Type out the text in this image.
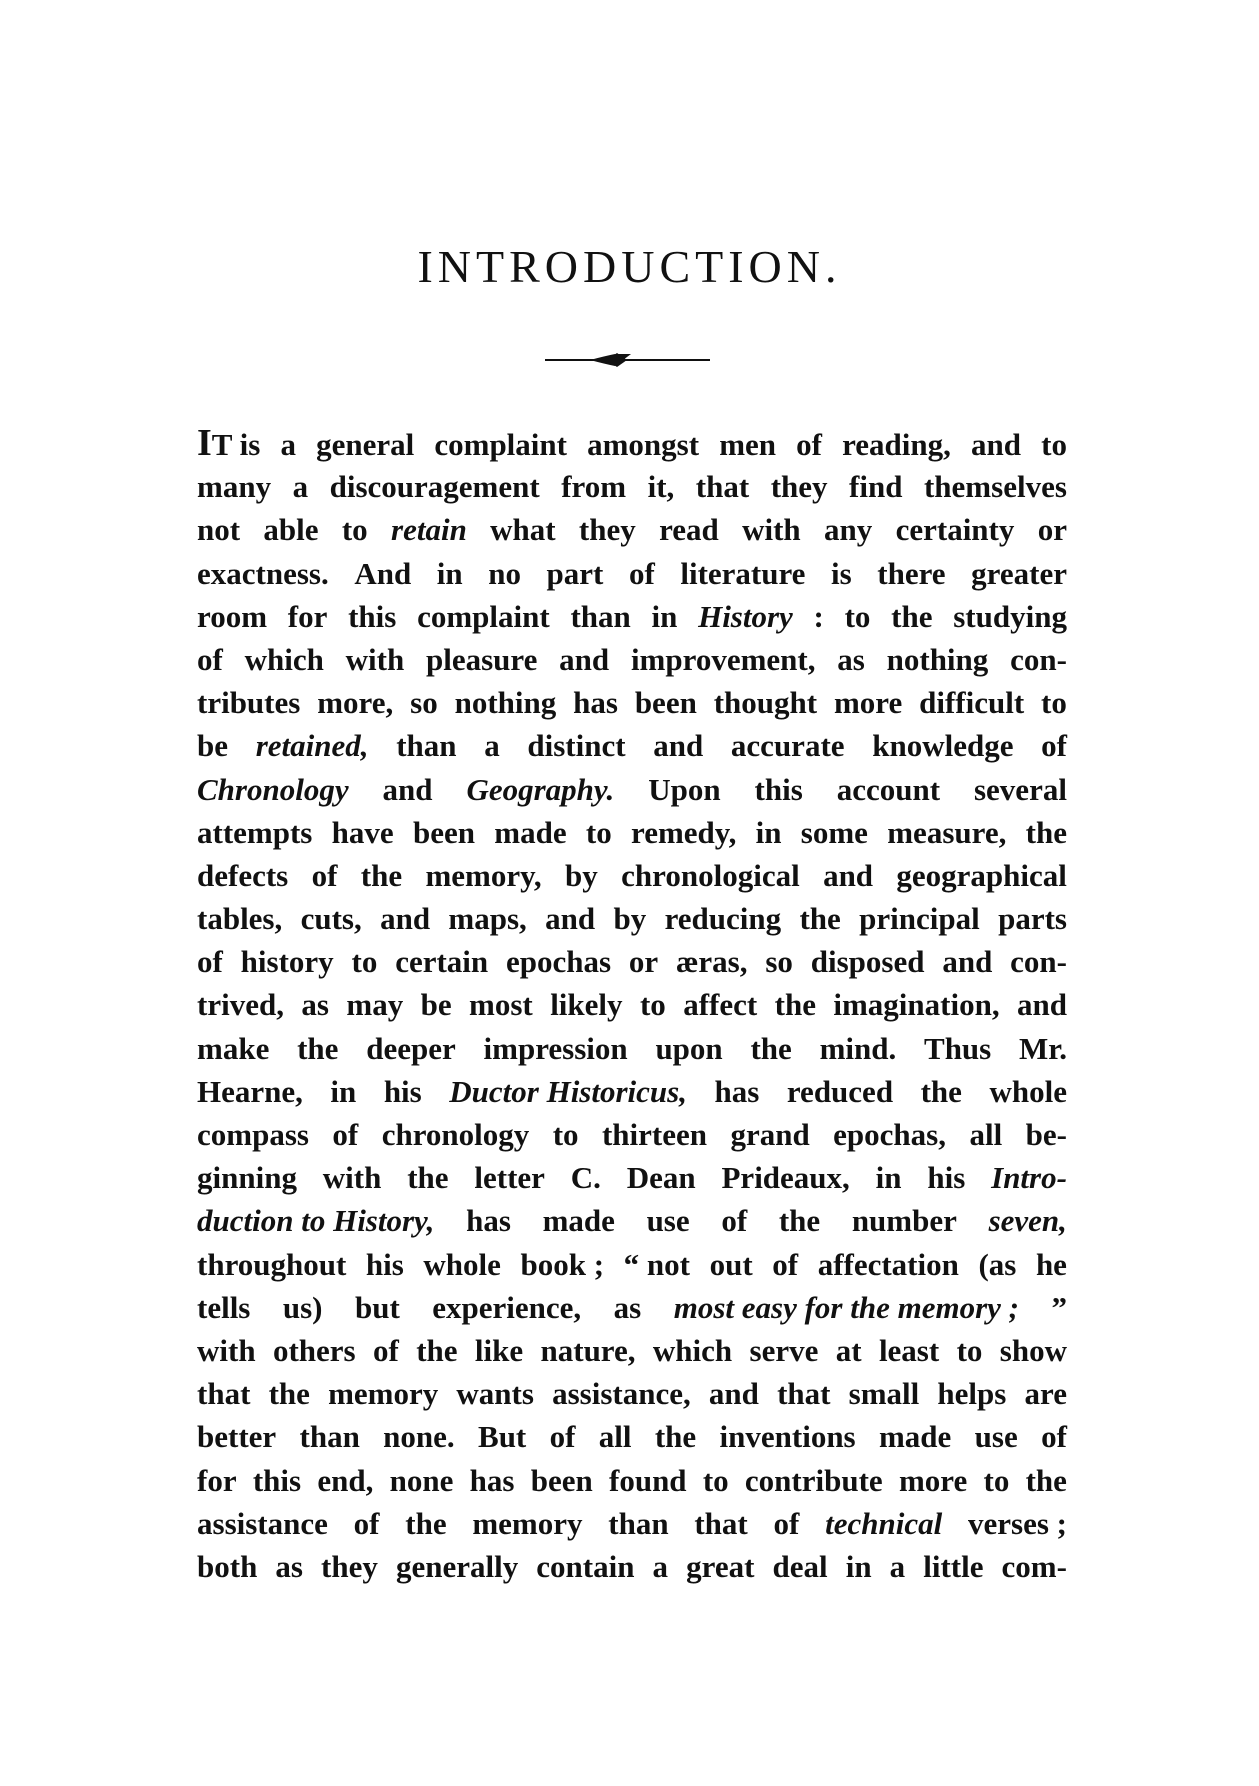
INTRODUCTION.
IT is a general complaint amongst men of reading, and to
many a discouragement from it, that they find themselves
not able to retain what they read with any certainty or
exactness. And in no part of literature is there greater
room for this complaint than in History : to the studying
of which with pleasure and improvement, as nothing con-
tributes more, so nothing has been thought more difficult to
be retained, than a distinct and accurate knowledge of
Chronology and Geography. Upon this account several
attempts have been made to remedy, in some measure, the
defects of the memory, by chronological and geographical
tables, cuts, and maps, and by reducing the principal parts
of history to certain epochas or æras, so disposed and con-
trived, as may be most likely to affect the imagination, and
make the deeper impression upon the mind. Thus Mr.
Hearne, in his Ductor Historicus, has reduced the whole
compass of chronology to thirteen grand epochas, all be-
ginning with the letter C. Dean Prideaux, in his Intro-
duction to History, has made use of the number seven,
throughout his whole book ; “ not out of affectation (as he
tells us) but experience, as most easy for the memory ; ”
with others of the like nature, which serve at least to show
that the memory wants assistance, and that small helps are
better than none. But of all the inventions made use of
for this end, none has been found to contribute more to the
assistance of the memory than that of technical verses ;
both as they generally contain a great deal in a little com-
